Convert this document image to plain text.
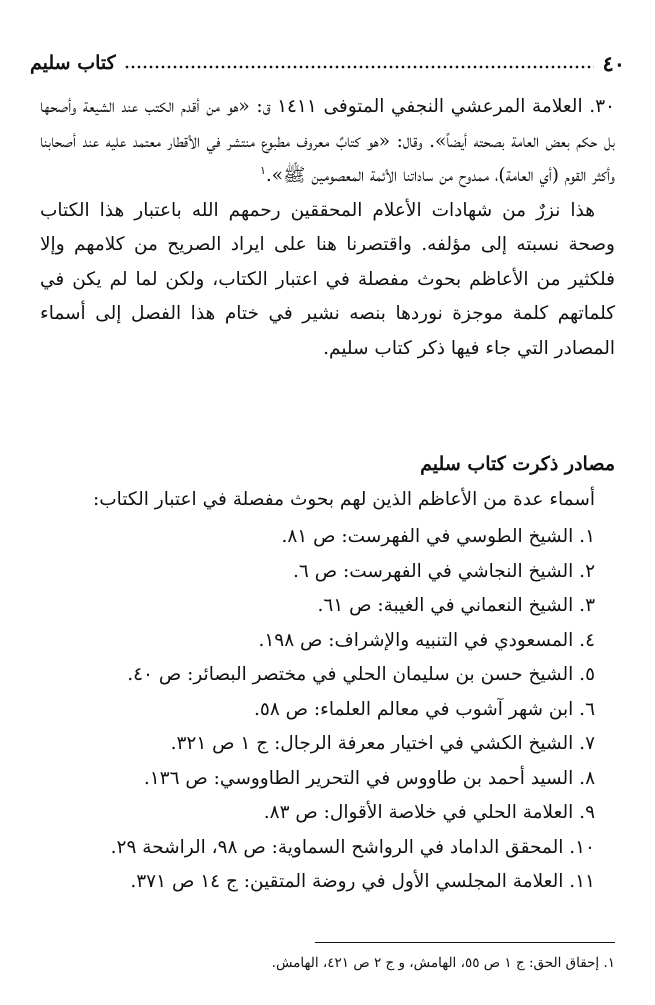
٤٠
كتاب سليم

٣٠. العلامة المرعشي النجفي المتوفى ١٤١١ ق: «هو من أقدم الكتب عند الشيعة وأصحها بل حكم بعض العامة بصحته أيضاً». وقال: «هو كتابٌ معروف مطبوع منتشر في الأقطار معتمد عليه عند أصحابنا وأكثر القوم (أي العامة)، ممدوح من ساداتنا الأئمة المعصومين ﷺ».$^١$

هذا نزرٌ من شهادات الأعلام المحققين رحمهم الله باعتبار هذا الكتاب وصحة نسبته إلى مؤلفه. واقتصرنا هنا على ايراد الصريح من كلامهم وإلا فلكثير من الأعاظم بحوث مفصلة في اعتبار الكتاب، ولكن لما لم يكن في كلماتهم كلمة موجزة نوردها بنصه نشير في ختام هذا الفصل إلى أسماء المصادر التي جاء فيها ذكر كتاب سليم.

مصادر ذكرت كتاب سليم
أسماء عدة من الأعاظم الذين لهم بحوث مفصلة في اعتبار الكتاب:
١. الشيخ الطوسي في الفهرست: ص ٨١.
٢. الشيخ النجاشي في الفهرست: ص ٦.
٣. الشيخ النعماني في الغيبة: ص ٦١.
٤. المسعودي في التنبيه والإشراف: ص ١٩٨.
٥. الشيخ حسن بن سليمان الحلي في مختصر البصائر: ص ٤٠.
٦. ابن شهر آشوب في معالم العلماء: ص ٥٨.
٧. الشيخ الكشي في اختيار معرفة الرجال: ج ١ ص ٣٢١.
٨. السيد أحمد بن طاووس في التحرير الطاووسي: ص ١٣٦.
٩. العلامة الحلي في خلاصة الأقوال: ص ٨٣.
١٠. المحقق الداماد في الرواشح السماوية: ص ٩٨، الراشحة ٢٩.
١١. العلامة المجلسي الأول في روضة المتقين: ج ١٤ ص ٣٧١.
١. إحقاق الحق: ج ١ ص ٥٥، الهامش، و ج ٢ ص ٤٢١، الهامش.
